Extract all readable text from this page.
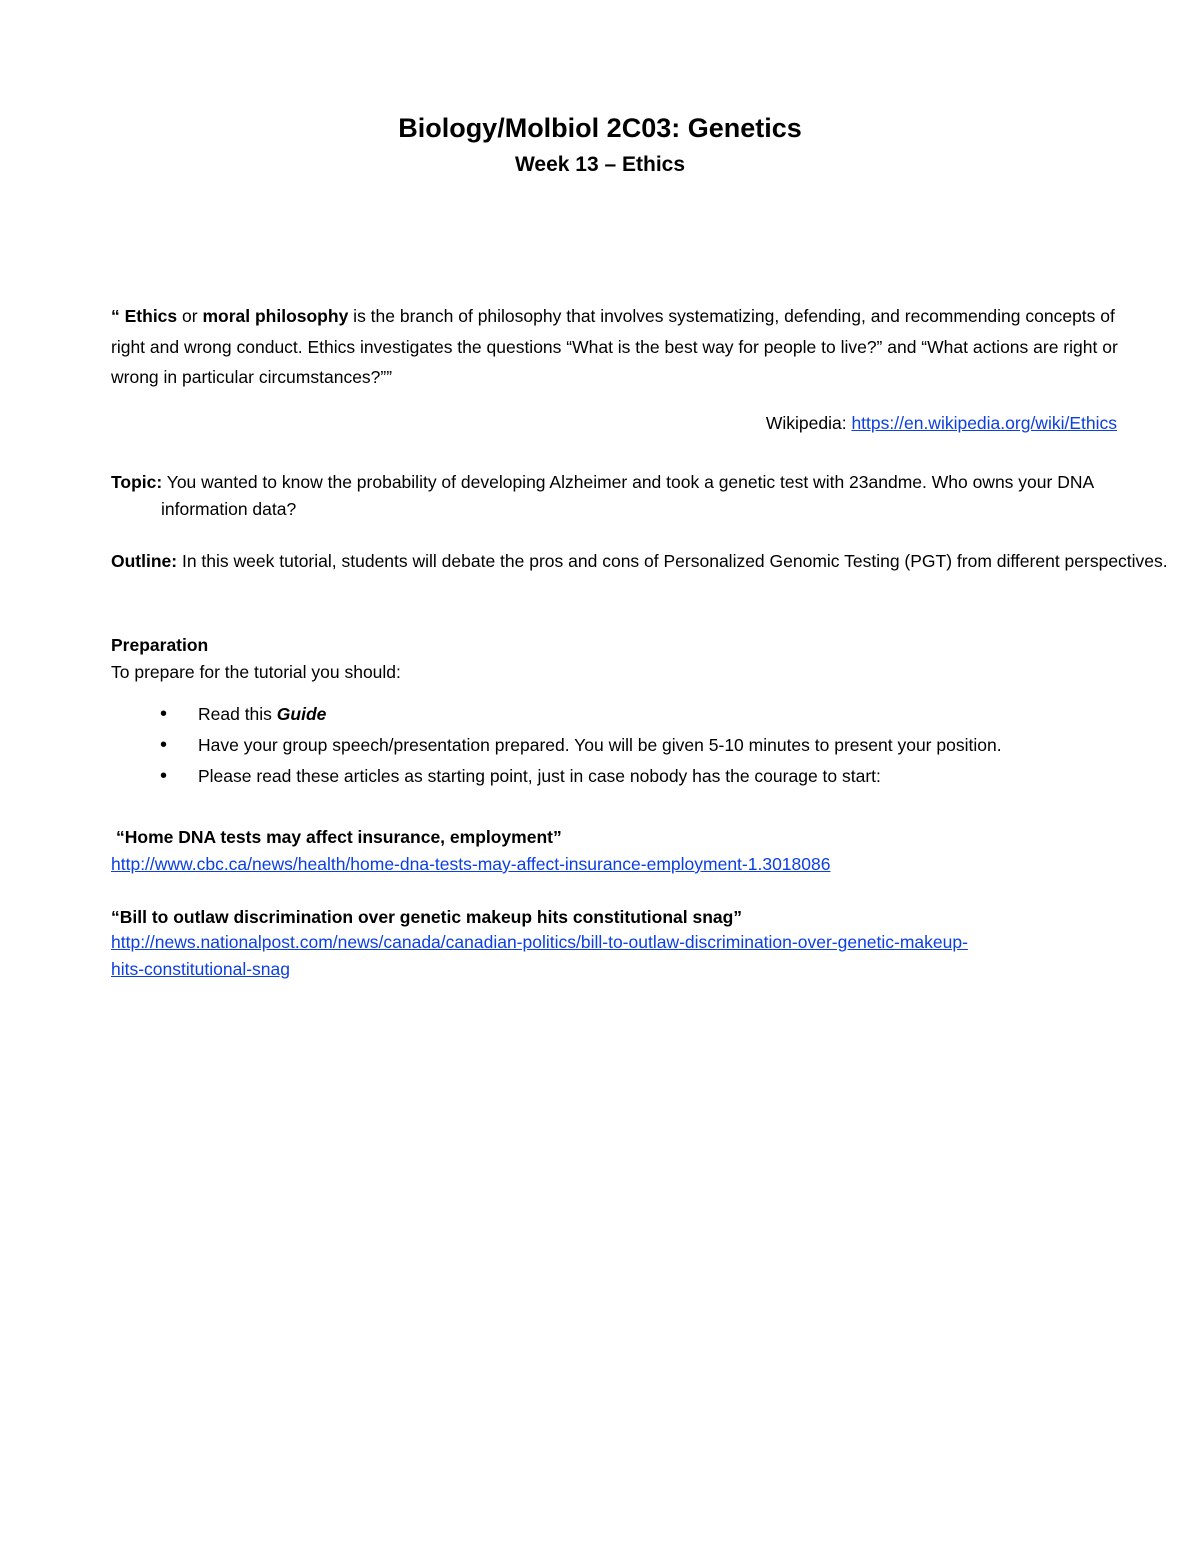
Biology/Molbiol 2C03: Genetics
Week 13 – Ethics
“ Ethics or moral philosophy is the branch of philosophy that involves systematizing, defending, and recommending concepts of right and wrong conduct. Ethics investigates the questions “What is the best way for people to live?” and “What actions are right or wrong in particular circumstances?””
Wikipedia: https://en.wikipedia.org/wiki/Ethics
Topic: You wanted to know the probability of developing Alzheimer and took a genetic test with 23andme. Who owns your DNA information data?
Outline: In this week tutorial, students will debate the pros and cons of Personalized Genomic Testing (PGT) from different perspectives.
Preparation
To prepare for the tutorial you should:
• Read this Guide
• Have your group speech/presentation prepared. You will be given 5-10 minutes to present your position.
• Please read these articles as starting point, just in case nobody has the courage to start:
“Home DNA tests may affect insurance, employment”
http://www.cbc.ca/news/health/home-dna-tests-may-affect-insurance-employment-1.3018086
“Bill to outlaw discrimination over genetic makeup hits constitutional snag”
http://news.nationalpost.com/news/canada/canadian-politics/bill-to-outlaw-discrimination-over-genetic-makeup-
hits-constitutional-snag
